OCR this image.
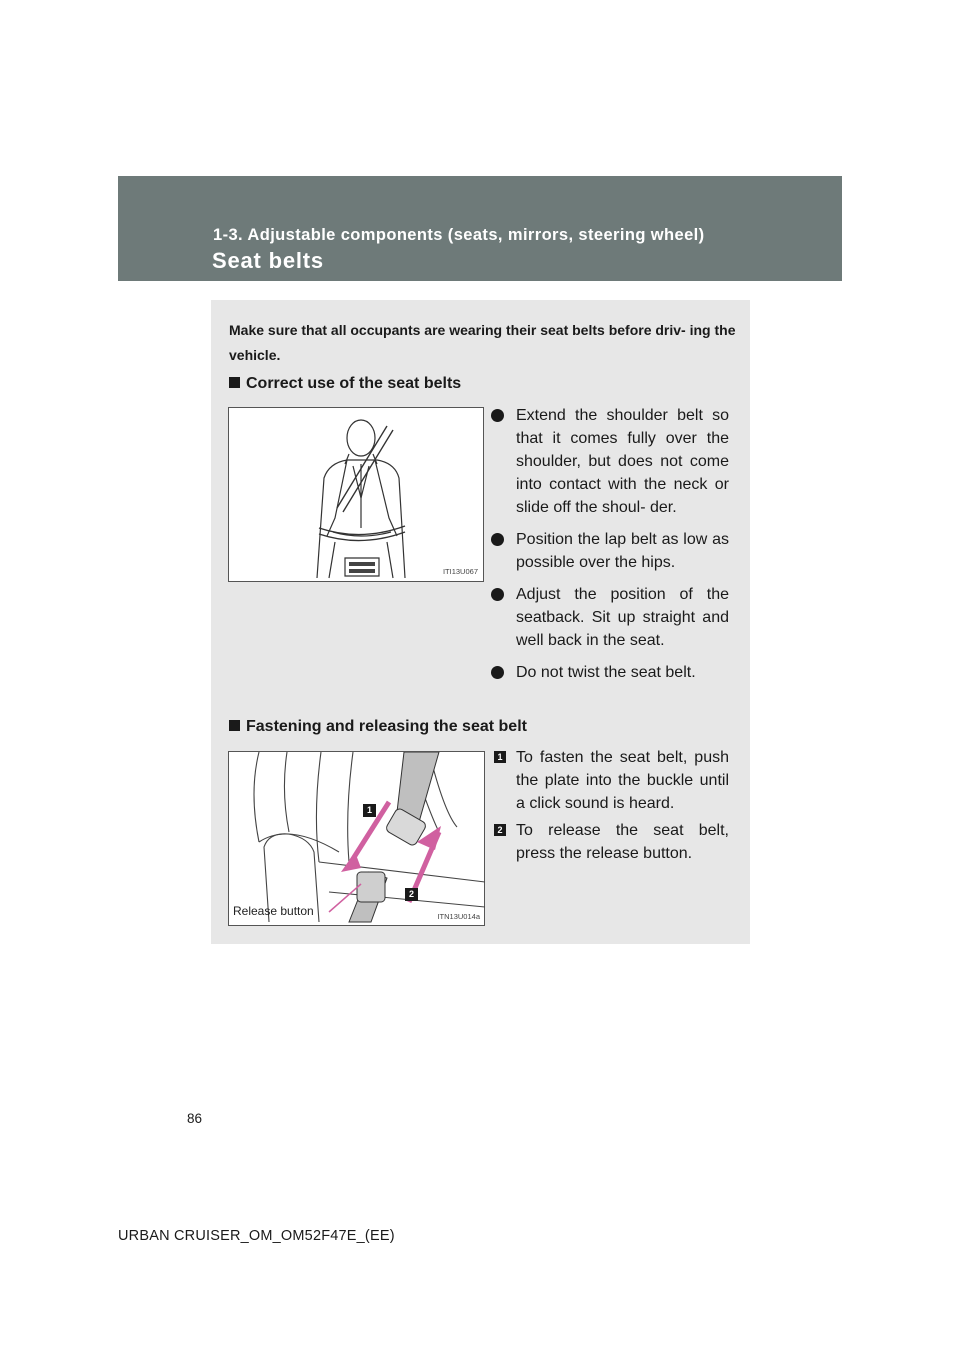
1-3. Adjustable components (seats, mirrors, steering wheel)
Seat belts
Make sure that all occupants are wearing their seat belts before driv- ing the vehicle.
Correct use of the seat belts
ITI13U067
Extend the shoulder belt so that it comes fully over the shoulder, but does not come into contact with the neck or slide off the shoul- der.
Position the lap belt as low as possible over the hips.
Adjust the position of the seatback. Sit up straight and well back in the seat.
Do not twist the seat belt.
Fastening and releasing the seat belt
1
2
Release button	ITN13U014a
1 To fasten the seat belt, push the plate into the buckle until a click sound is heard.
2 To release the seat belt, press the release button.
86
URBAN CRUISER_OM_OM52F47E_(EE)
